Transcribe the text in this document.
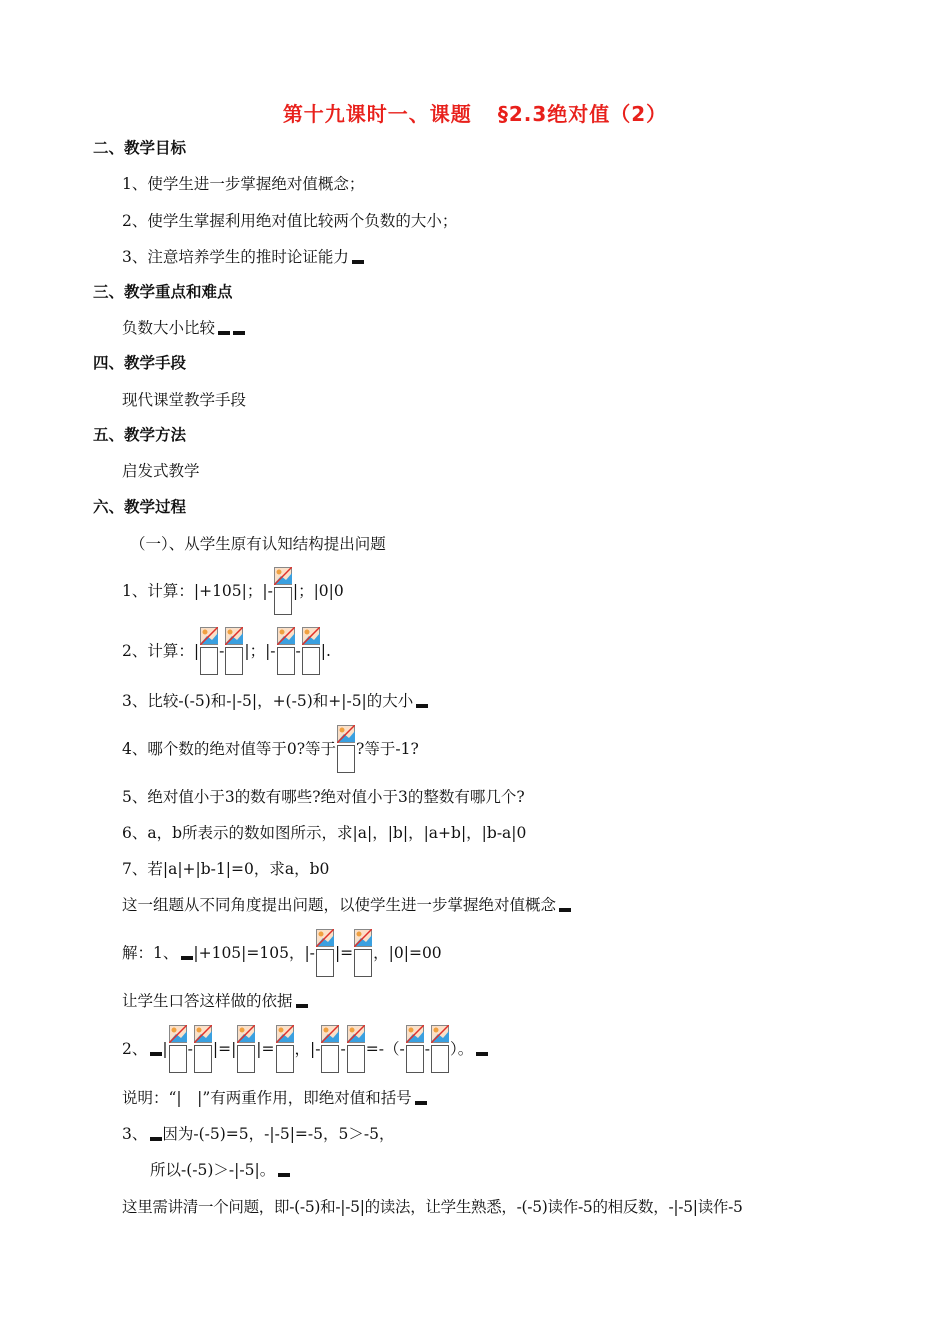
第十九课时一、课题 §2.3绝对值（2）
二、教学目标
1、使学生进一步掌握绝对值概念；
2、使学生掌握利用绝对值比较两个负数的大小；
3、注意培养学生的推时论证能力
三、教学重点和难点
负数大小比较
四、教学手段
现代课堂教学手段
五、教学方法
启发式教学
六、教学过程
（一）、从学生原有认知结构提出问题
1、计算：|+105|；|- |；|0|0
2、计算：| - |；|- - |.
3、比较-(-5)和-|-5|，+(-5)和+|-5|的大小
4、哪个数的绝对值等于0?等于 ?等于-1?
5、绝对值小于3的数有哪些?绝对值小于3的整数有哪几个?
6、a，b所表示的数如图所示，求|a|，|b|，|a+b|，|b-a|0
7、若|a|+|b-1|=0，求a，b0
这一组题从不同角度提出问题，以使学生进一步掌握绝对值概念
解：1、 |+105|=105，|- |= ，|0|=00
让学生口答这样做的依据
2、 | - |=| |= ，|- - =-（- - ）。
说明：“|　|”有两重作用，即绝对值和括号
3、 因为-(-5)=5，-|-5|=-5，5＞-5，
所以-(-5)＞-|-5|。
这里需讲清一个问题，即-(-5)和-|-5|的读法，让学生熟悉，-(-5)读作-5的相反数，-|-5|读作-5
